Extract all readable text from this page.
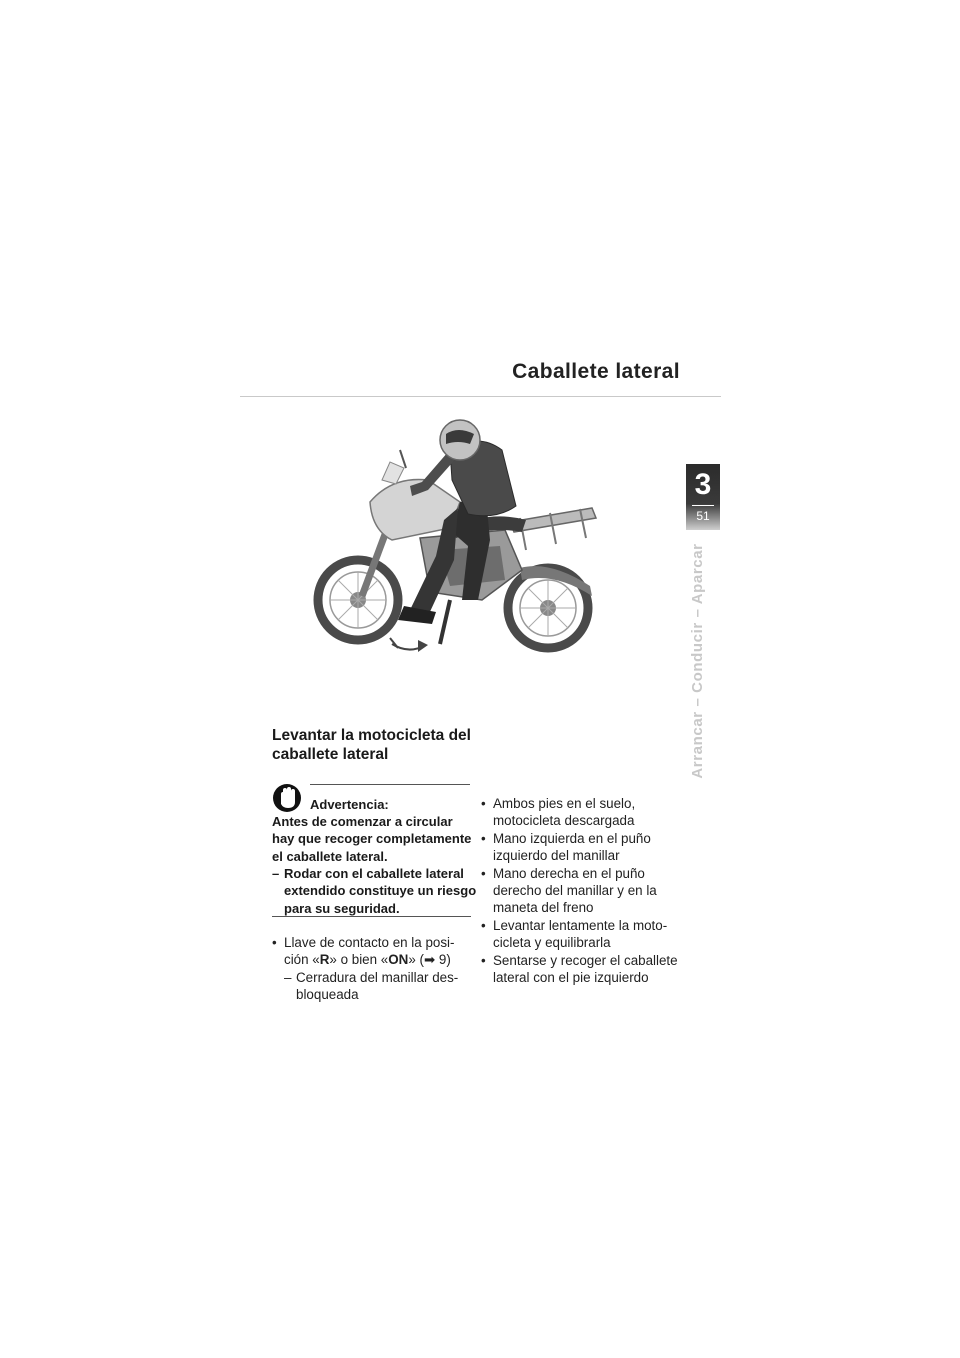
Caballete lateral
3
51
Arrancar – Conducir – Aparcar
Levantar la motocicleta del caballete lateral
Advertencia:
Antes de comenzar a circular hay que recoger completamente el caballete lateral.
– Rodar con el caballete lateral extendido constituye un riesgo para su seguridad.
• Llave de contacto en la posición «R» o bien «ON» (➡ 9)
– Cerradura del manillar desbloqueada
• Ambos pies en el suelo, motocicleta descargada
• Mano izquierda en el puño izquierdo del manillar
• Mano derecha en el puño derecho del manillar y en la maneta del freno
• Levantar lentamente la motocicleta y equilibrarla
• Sentarse y recoger el caballete lateral con el pie izquierdo
